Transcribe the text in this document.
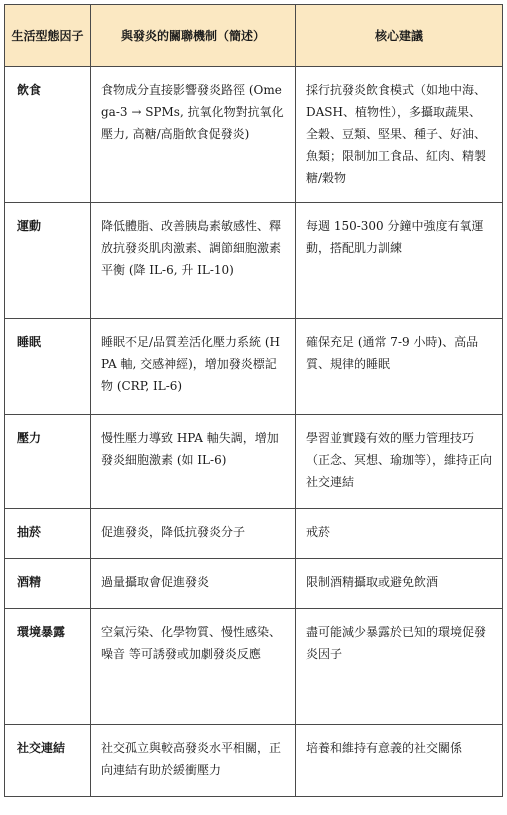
生活型態因子	與發炎的關聯機制（簡述）	核心建議
飲食	食物成分直接影響發炎路徑 (Omega-3 → SPMs, 抗氧化物對抗氧化壓力, 高糖/高脂飲食促發炎)	採行抗發炎飲食模式（如地中海、DASH、植物性），多攝取蔬果、全穀、豆類、堅果、種子、好油、魚類；限制加工食品、紅肉、精製糖/穀物
運動	降低體脂、改善胰島素敏感性、釋放抗發炎肌肉激素、調節細胞激素平衡 (降 IL-6, 升 IL-10)	每週 150-300 分鐘中強度有氧運動，搭配肌力訓練
睡眠	睡眠不足/品質差活化壓力系統 (HPA 軸, 交感神經)，增加發炎標記物 (CRP, IL-6)	確保充足 (通常 7-9 小時)、高品質、規律的睡眠
壓力	慢性壓力導致 HPA 軸失調，增加發炎細胞激素 (如 IL-6)	學習並實踐有效的壓力管理技巧（正念、冥想、瑜珈等），維持正向社交連結
抽菸	促進發炎，降低抗發炎分子	戒菸
酒精	過量攝取會促進發炎	限制酒精攝取或避免飲酒
環境暴露	空氣污染、化學物質、慢性感染、噪音 等可誘發或加劇發炎反應	盡可能減少暴露於已知的環境促發炎因子
社交連結	社交孤立與較高發炎水平相關，正向連結有助於緩衝壓力	培養和維持有意義的社交關係
